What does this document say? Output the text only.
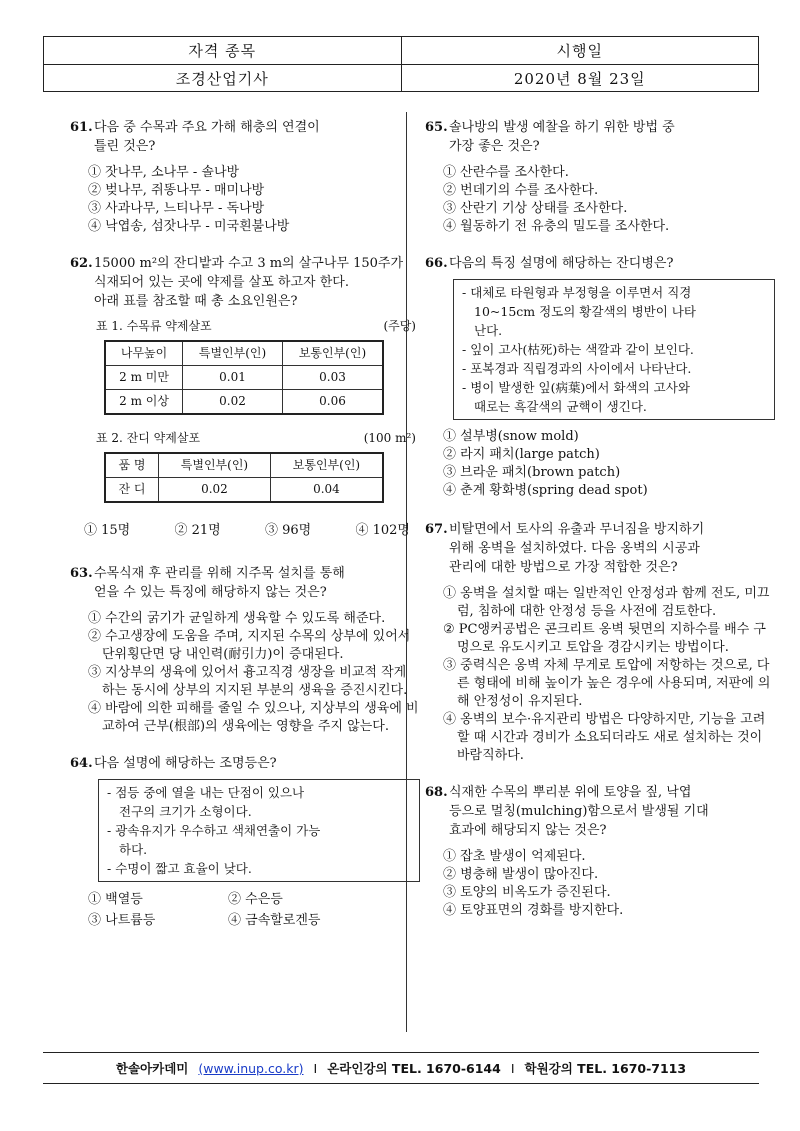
자격 종목	시행일
조경산업기사	2020년 8월 23일
61. 다음 중 수목과 주요 가해 해충의 연결이
틀린 것은?
① 잣나무, 소나무 - 솔나방
② 벚나무, 쥐똥나무 - 매미나방
③ 사과나무, 느티나무 - 독나방
④ 낙엽송, 섬잣나무 - 미국흰불나방
62. 15000 m²의 잔디밭과 수고 3 m의 살구나무 150주가
식재되어 있는 곳에 약제를 살포 하고자 한다.
아래 표를 참조할 때 총 소요인원은?
표 1. 수목류 약제살포	(주당)
나무높이	특별인부(인)	보통인부(인)
2 m 미만	0.01	0.03
2 m 이상	0.02	0.06
표 2. 잔디 약제살포	(100 m²)
품 명	특별인부(인)	보통인부(인)
잔 디	0.02	0.04
① 15명	② 21명	③ 96명	④ 102명
63. 수목식재 후 관리를 위해 지주목 설치를 통해
얻을 수 있는 특징에 해당하지 않는 것은?
① 수간의 굵기가 균일하게 생육할 수 있도록 해준다.
② 수고생장에 도움을 주며, 지지된 수목의 상부에 있어서 단위횡단면 당 내인력(耐引力)이 증대된다.
③ 지상부의 생육에 있어서 흉고직경 생장을 비교적 작게 하는 동시에 상부의 지지된 부분의 생육을 증진시킨다.
④ 바람에 의한 피해를 줄일 수 있으나, 지상부의 생육에 비교하여 근부(根部)의 생육에는 영향을 주지 않는다.
64. 다음 설명에 해당하는 조명등은?
- 점등 중에 열을 내는 단점이 있으나
전구의 크기가 소형이다.
- 광속유지가 우수하고 색채연출이 가능
하다.
- 수명이 짧고 효율이 낮다.
① 백열등	② 수은등
③ 나트륨등	④ 금속할로겐등
65. 솔나방의 발생 예찰을 하기 위한 방법 중
가장 좋은 것은?
① 산란수를 조사한다.
② 번데기의 수를 조사한다.
③ 산란기 기상 상태를 조사한다.
④ 월동하기 전 유충의 밀도를 조사한다.
66. 다음의 특징 설명에 해당하는 잔디병은?
- 대체로 타원형과 부정형을 이루면서 직경
10~15cm 정도의 황갈색의 병반이 나타
난다.
- 잎이 고사(枯死)하는 색깔과 같이 보인다.
- 포복경과 직립경과의 사이에서 나타난다.
- 병이 발생한 잎(病葉)에서 화색의 고사와
때로는 흑갈색의 균핵이 생긴다.
① 설부병(snow mold)
② 라지 패치(large patch)
③ 브라운 패치(brown patch)
④ 춘계 황화병(spring dead spot)
67. 비탈면에서 토사의 유출과 무너짐을 방지하기
위해 옹벽을 설치하였다. 다음 옹벽의 시공과
관리에 대한 방법으로 가장 적합한 것은?
① 옹벽을 설치할 때는 일반적인 안정성과 함께 전도, 미끄럼, 침하에 대한 안정성 등을 사전에 검토한다.
② PC앵커공법은 콘크리트 옹벽 뒷면의 지하수를 배수 구멍으로 유도시키고 토압을 경감시키는 방법이다.
③ 중력식은 옹벽 자체 무게로 토압에 저항하는 것으로, 다른 형태에 비해 높이가 높은 경우에 사용되며, 저판에 의해 안정성이 유지된다.
④ 옹벽의 보수·유지관리 방법은 다양하지만, 기능을 고려할 때 시간과 경비가 소요되더라도 새로 설치하는 것이 바람직하다.
68. 식재한 수목의 뿌리분 위에 토양을 짚, 낙엽
등으로 멀칭(mulching)함으로서 발생될 기대
효과에 해당되지 않는 것은?
① 잡초 발생이 억제된다.
② 병충해 발생이 많아진다.
③ 토양의 비옥도가 증진된다.
④ 토양표면의 경화를 방지한다.
한솔아카데미 (www.inup.co.kr) I 온라인강의 TEL. 1670-6144 I 학원강의 TEL. 1670-7113
